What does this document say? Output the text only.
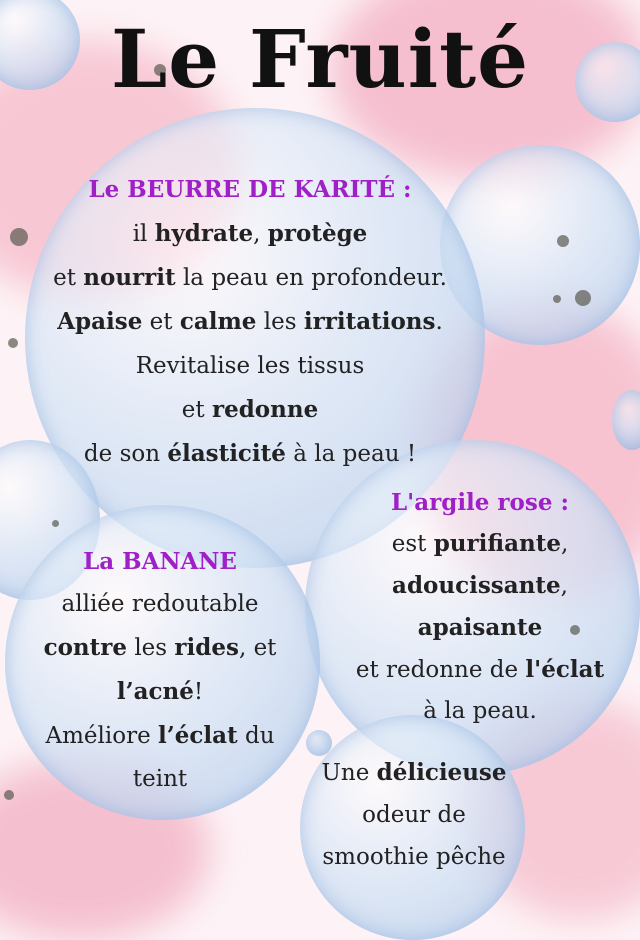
Le Fruité
Le BEURRE DE KARITÉ :
il hydrate, protège
et nourrit la peau en profondeur.
Apaise et calme les irritations.
Revitalise les tissus
et redonne
de son élasticité à la peau !
L'argile rose :
est purifiante,
adoucissante,
apaisante
et redonne de l'éclat
à la peau.
La BANANE
alliée redoutable
contre les rides, et
l’acné!
Améliore l’éclat du
teint	Une délicieuse
odeur de
smoothie pêche
